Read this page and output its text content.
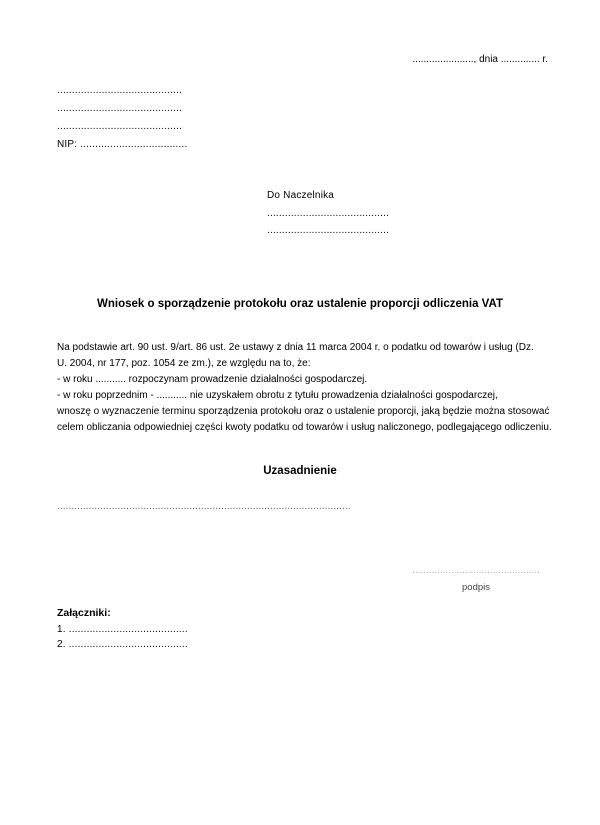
......................, dnia .............. r.
..........................................
..........................................
..........................................
NIP: ....................................
Do Naczelnika
.........................................
.........................................
Wniosek o sporządzenie protokołu oraz ustalenie proporcji odliczenia VAT
Na podstawie art. 90 ust. 9/art. 86 ust. 2e ustawy z dnia 11 marca 2004 r. o podatku od towarów i usług (Dz.
U. 2004, nr 177, poz. 1054 ze zm.), ze względu na to, że:
- w roku ........... rozpoczynam prowadzenie działalności gospodarczej.
- w roku poprzednim - ........... nie uzyskałem obrotu z tytułu prowadzenia działalności gospodarczej,
wnoszę o wyznaczenie terminu sporządzenia protokołu oraz o ustalenie proporcji, jaką będzie można stosować
celem obliczania odpowiedniej części kwoty podatku od towarów i usług naliczonego, podlegającego odliczeniu.
Uzasadnienie
......................................................................................................
..............................................
podpis
Załączniki:
1. ........................................
2. ........................................
